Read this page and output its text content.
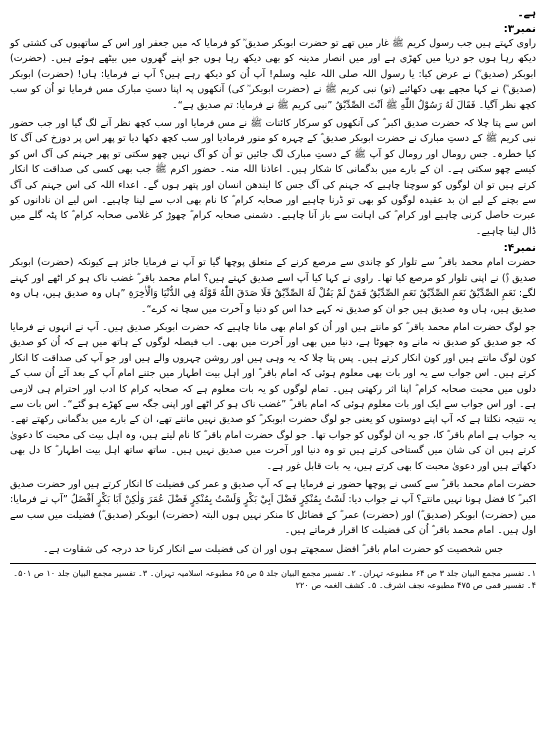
ہے۔
نمبر۳:

راوی کہتے ہیں جب رسول کریم ﷺ غار میں تھے تو حضرت ابوبکر صدیق ؓ کو فرمایا کہ میں جعفر اور اس کے ساتھیوں کی کشتی کو دیکھ رہا ہوں جو دریا میں کھڑی ہے اور میں انصار مدینہ کو بھی دیکھ رہا ہوں جو اپنے گھروں میں بیٹھے ہوئے ہیں۔ (حضرت) ابوبکر (صدیق ؓ) نے عرض کیا: یا رسول اللہ صلی اللہ علیہ وسلم! آپ اُن کو دیکھ رہے ہیں؟ آپ نے فرمایا: ہاں! (حضرت) ابوبکر (صدیق ؓ) نے کہا مجھے بھی دکھائیے (تو) نبی کریم ﷺ نے (حضرت ابوبکر ؓ کی) آنکھوں پہ اپنا دستِ مبارک مس فرمایا تو اُن کو سب کچھ نظر آگیا۔ فَقَالَ لَهُ رَسُوْلُ اللّٰهِ ﷺ اَنْتَ الصِّدِّيْقُ ”نبی کریم ﷺ نے فرمایا: تم صدیق ہے“۔

اس سے پتا چلا کہ حضرت صدیق اکبر ؓ کی آنکھوں کو سرکار کائنات ﷺ نے مس فرمایا اور سب کچھ نظر آنے لگ گیا اور جب حضور نبی کریم ﷺ کے دستِ مبارک نے حضرت ابوبکر صدیق ؓ کے چہرہ کو منور فرمادیا اور سب کچھ دکھا دیا تو پھر اس پر دوزخ کی آگ کا کیا خطرہ۔ جس رومال اور رومال کو آپ ﷺ کے دستِ مبارک لگ جائیں تو اُن کو آگ نہیں چھو سکتی تو پھر جہنم کی آگ اس کو کیسے چھو سکتی ہے۔ ان کے بارے میں بدگمانی کا شکار ہیں۔ اعاذنا اللہ منہ۔ حضور اکرم ﷺ جب بھی کسی کی صداقت کا انکار کرتے ہیں تو ان لوگوں کو سوچنا چاہیے کہ جہنم کی آگ جس کا ایندھن انسان اور پتھر ہوں گے۔ اعداء اللہ کی اس جہنم کی آگ سے بچنے کے لیے ان بد عقیدہ لوگوں کو بھی تو ڈرنا چاہیے اور صحابہ کرام ؓ کا نام بھی ادب سے لینا چاہیے۔ اس لیے ان نادانوں کو عبرت حاصل کرنی چاہیے اور کرام ؓ کی اہانت سے باز آنا چاہیے۔ دشمنی صحابہ کرام ؓ چھوڑ کر غلامی صحابہ کرام ؓ کا پٹہ گلے میں ڈال لینا چاہیے۔

نمبر۴:

حضرت امام محمد باقر ؓ سے تلوار کو چاندی سے مرصع کرنے کے متعلق پوچھا گیا تو آپ نے فرمایا جائز ہے کیونکہ (حضرت) ابوبکر صدیق (ؓ) نے اپنی تلوار کو مرصع کیا تھا۔ راوی نے کہا کیا آپ اسے صدیق کہتے ہیں؟ امام محمد باقر ؓ غضب ناک ہو کر اٹھے اور کہنے لگے: نَعَمِ الصِّدِّيْقُ نَعَمِ الصِّدِّيْقُ نَعَمِ الصِّدِّيْقُ فَمَنْ لَمْ يَقُلْ لَهُ الصِّدِّيْقُ فَلَا صَدَقَ اللّٰهُ قَوْلَهُ فِي الدُّنْيَا وَالْاٰخِرَةِ ”ہاں وہ صدیق ہیں، ہاں وہ صدیق ہیں، ہاں وہ صدیق ہیں جو ان کو صدیق نہ کہے خدا اس کو دنیا و آخرت میں سچا نہ کرے“۔

جو لوگ حضرت امام محمد باقر ؓ کو مانتے ہیں اور اُن کو امام بھی مانا چاہیے کہ حضرت ابوبکر صدیق ہیں۔ آپ نے انہوں نے فرمایا کہ جو صدیق کو صدیق نہ مانے وہ جھوٹا ہے، دنیا میں بھی اور آخرت میں بھی۔ اب فیصلہ لوگوں کے ہاتھ میں ہے کہ اُن کو صدیق کون لوگ مانتے ہیں اور کون انکار کرتے ہیں۔ پس پتا چلا کہ یہ وہی ہیں اور روشن چہروں والے ہیں اور جو آپ کی صداقت کا انکار کرتے ہیں۔ اس جواب سے یہ اور بات بھی معلوم ہوئی کہ امام باقر ؓ اور اہل بیت اطہار میں جتنے امام آپ کے بعد آئے اُن سب کے دلوں میں محبت صحابہ کرام ؓ اپنا اثر رکھتی ہیں۔ تمام لوگوں کو یہ بات معلوم ہے کہ صحابہ کرام کا ادب اور احترام ہی لازمی ہے۔ اور اس جواب سے ایک اور بات معلوم ہوئی کہ امام باقر ؓ ”غضب ناک ہو کر اٹھے اور اپنی جگہ سے کھڑے ہو گئے“۔ اس بات سے یہ نتیجہ نکلتا ہے کہ آپ اپنے دوستوں کو یعنی جو لوگ حضرت ابوبکر ؓ کو صدیق نہیں مانتے تھے، ان کے بارے میں بدگمانی رکھتے تھے۔ یہ جواب ہے امام باقر ؓ کا، جو یہ ان لوگوں کو جواب تھا۔ جو لوگ حضرت امام باقر ؓ کا نام لیتے ہیں، وہ اہل بیت کی محبت کا دعویٰ کرتے ہیں ان کی شان میں گستاخی کرتے ہیں تو وہ دنیا اور آخرت میں صدیق نہیں ہیں۔ ساتھ ساتھ اہل بیت اطہار ؓ کا دل بھی دکھاتے ہیں اور دعویٰ محبت کا بھی کرتے ہیں، یہ بات قابل غور ہے۔

حضرت امام محمد باقر ؓ سے کسی نے پوچھا حضور نے فرمایا ہے کہ آپ صدیق و عمر کی فضیلت کا انکار کرتے ہیں اور حضرت صدیق اکبر ؓ کا فضل ہونا نہیں مانتے؟ آپ نے جواب دیا: لَسْتُ بِمُنْكِرٍ فَضْلَ اَبِيْ بَكْرٍ وَلَسْتُ بِمُنْكِرٍ فَضْلَ عُمَرَ وَلٰكِنْ اَبَا بَكْرٍ اَفْضَلُ ”آپ نے فرمایا: میں (حضرت) ابوبکر (صدیق ؓ) اور (حضرت) عمر ؓ کے فضائل کا منکر نہیں ہوں البتہ (حضرت) ابوبکر (صدیق ؓ) فضیلت میں سب سے اول ہیں۔ امام محمد باقر ؓ اُن کی فضیلت کا اقرار فرماتے ہیں۔

جس شخصیت کو حضرت امام باقر ؓ افضل سمجھتے ہوں اور ان کی فضیلت سے انکار کرنا حد درجہ کی شقاوت ہے۔

۱۔ تفسیر مجمع البیان جلد ۳ ص ۶۴ مطبوعہ تہران۔ ۲۔ تفسیر مجمع البیان جلد ۵ ص ۶۵ مطبوعہ اسلامیہ تہران۔ ۳۔ تفسیر مجمع البیان جلد ۱۰ ص ۵۰۱۔ ۴۔ تفسیر قمی ص ۴۷۵ مطبوعہ نجف اشرف۔ ۵۔ کشف الغمہ ص ۲۲۰
